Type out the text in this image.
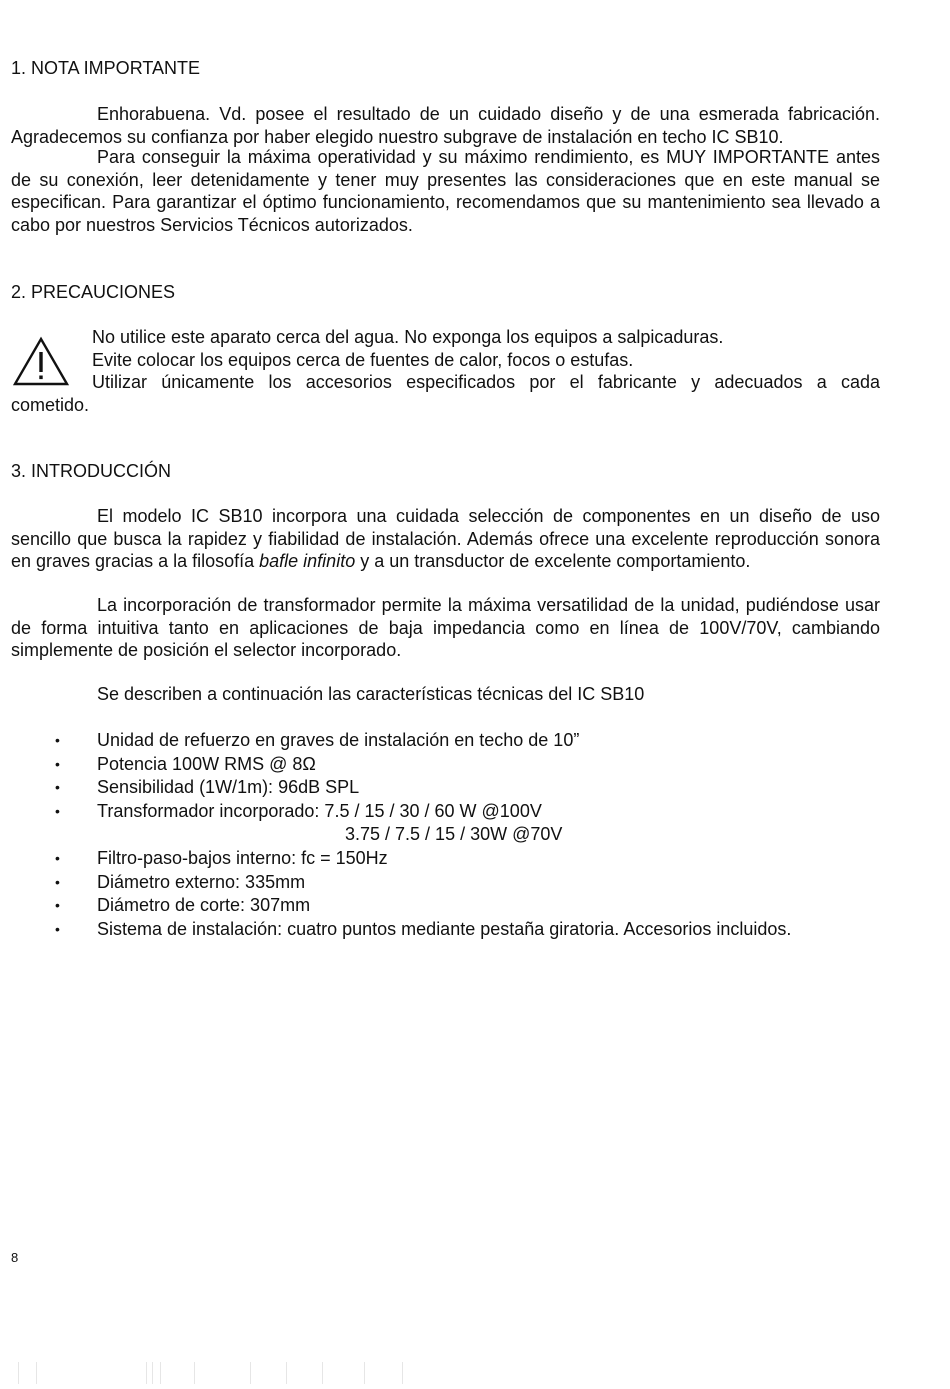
1. NOTA IMPORTANTE

Enhorabuena. Vd. posee el resultado de un cuidado diseño y de una esmerada fabricación. Agradecemos su confianza por haber elegido nuestro subgrave de instalación en techo IC SB10.

Para conseguir la máxima operatividad y su máximo rendimiento, es MUY IMPORTANTE antes de su conexión, leer detenidamente y tener muy presentes las consideraciones que en este manual se especifican. Para garantizar el óptimo funcionamiento, recomendamos que su mantenimiento sea llevado a cabo por nuestros Servicios Técnicos autorizados.

2. PRECAUCIONES
No utilice este aparato cerca del agua. No exponga los equipos a salpicaduras.
Evite colocar los equipos cerca de fuentes de calor, focos o estufas.
Utilizar únicamente los accesorios especificados por el fabricante y adecuados a cada
cometido.
3. INTRODUCCIÓN

El modelo IC SB10 incorpora una cuidada selección de componentes en un diseño de uso sencillo que busca la rapidez y fiabilidad de instalación. Además ofrece una excelente reproducción sonora en graves gracias a la filosofía bafle infinito y a un transductor de excelente comportamiento.

La incorporación de transformador permite la máxima versatilidad de la unidad, pudiéndose usar de forma intuitiva tanto en aplicaciones de baja impedancia como en línea de 100V/70V, cambiando simplemente de posición el selector incorporado.

Se describen a continuación las características técnicas del IC SB10

• Unidad de refuerzo en graves de instalación en techo de 10”
• Potencia 100W RMS @ 8Ω
• Sensibilidad (1W/1m): 96dB SPL
• Transformador incorporado: 7.5 / 15 / 30 / 60 W @100V
3.75 / 7.5 / 15 / 30W @70V
• Filtro-paso-bajos interno: fc = 150Hz
• Diámetro externo: 335mm
• Diámetro de corte: 307mm
• Sistema de instalación: cuatro puntos mediante pestaña giratoria. Accesorios incluidos.
8
